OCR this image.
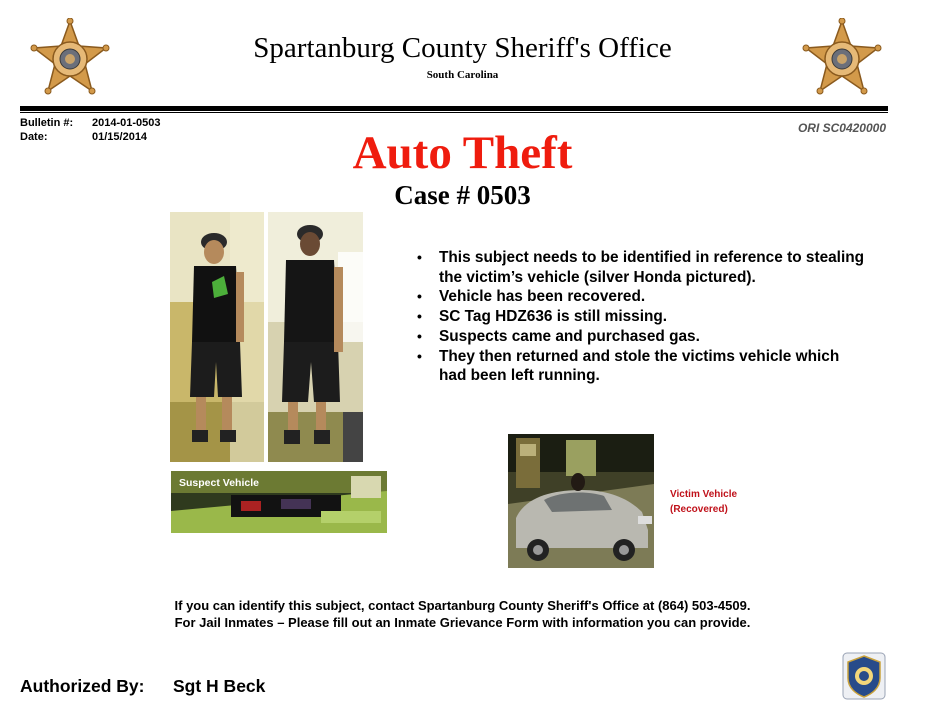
Spartanburg County Sheriff's Office
South Carolina
Bulletin #: 2014-01-0503
Date:	01/15/2014
ORI SC0420000
Auto Theft
Case # 0503
Suspect Vehicle
Victim Vehicle
(Recovered)
• This subject needs to be identified in reference to stealing the victim’s vehicle (silver Honda pictured).
• Vehicle has been recovered.
• SC Tag HDZ636 is still missing.
• Suspects came and purchased gas.
• They then returned and stole the victims vehicle which had been left running.
If you can identify this subject, contact Spartanburg County Sheriff's Office at (864) 503-4509.
For Jail Inmates – Please fill out an Inmate Grievance Form with information you can provide.
Authorized By: Sgt H Beck
